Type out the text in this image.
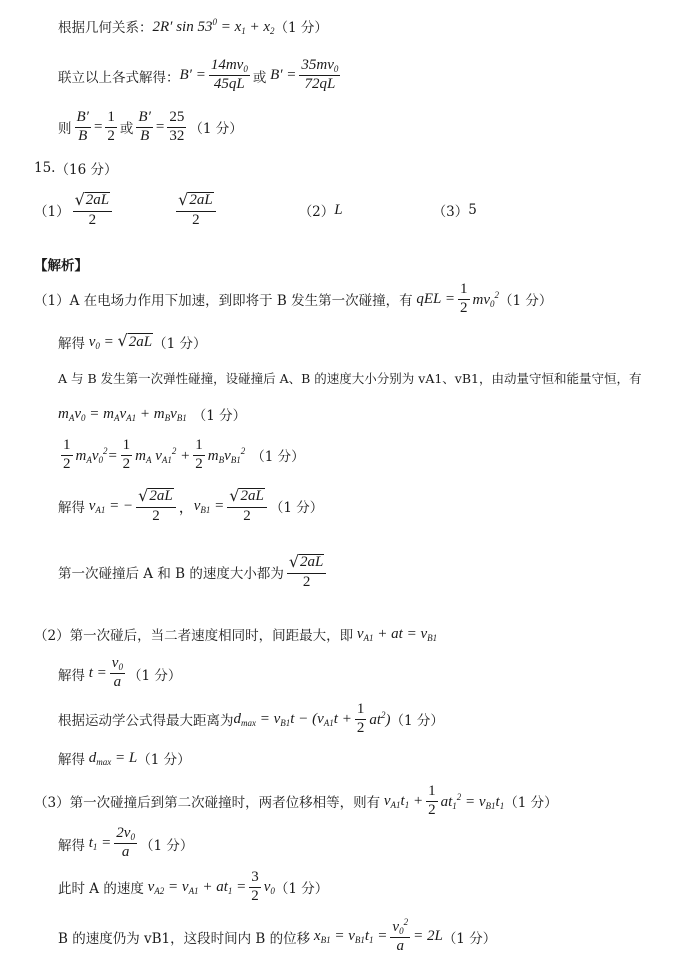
根据几何关系： 2R′ $\sin 53^0 = x_1 + x_2$ （1 分）
联立以上各式解得： $B' = \frac{14mv_0}{45qL}$ 或 $B' = \frac{35mv_0}{72qL}$
则 $\frac{B'}{B} = \frac{1}{2}$ 或 $\frac{B'}{B} = \frac{25}{32} (1$ 分）
15. （16 分）
$(1) \frac{√ 2aL}{2}$	$\frac{√ 2aL}{2}$	（2） L	（3） 5
【解析】
（1） A 在电场力作用下加速，到即将于 B 发生第一次碰撞，有 qEL = $\frac{1}{2} mv_0^2$ （1 分）
解得 $v_0$ = √ 2aL （1 分）
A 与 B 发生第一次弹性碰撞，设碰撞后 A、B 的速度大小分别为 vA1、vB1，由动量守恒和能量守恒，有
$m_Av_0 = m_Av_{A1} + m_Bv_{B1}$ （1 分）
$\frac{1}{2} m_Av_0^2= \frac{1}{2} m_A$ $v_{A1}^2 + \frac{1}{2} m_Bv_{B1}^2$ （1 分）
解得 $v_{A1}$ = − $\frac{√ 2aL}{2}$ ， $v_{B1} = \frac{√ 2aL}{2} (1$ 分）
第一次碰撞后 A 和 B 的速度大小都为 $\frac{√ 2aL}{2}$
（2）第一次碰后，当二者速度相同时，间距最大，即 $v_{A1}$ + at = $v_{B1}$
解得 $t = \frac{v_0}{a} (1$ 分）
根据运动学公式得最大距离为 $d_{max} = v_{B1}t - (v_{A1}t + \frac{1}{2} at^2)$ （1 分）
解得 $d_{max} = L$ （1 分）
（3）第一次碰撞后到第二次碰撞时，两者位移相等，则有 $v_{A1}t_1 + \frac{1}{2} at_1^2 = v_{B1}t_1$ （1 分）
解得 $t_1 = \frac{2v_0}{a} (1$ 分）
此时 A 的速度 $v_{A2} = v_{A1} + at_1 = \frac{3}{2} v_0$ （1 分）
B 的速度仍为 vB1，这段时间内 B 的位移 $x_{B1} = v_{B1}t_1 = \frac{v_0^2}{a} = 2L$ （1 分）
